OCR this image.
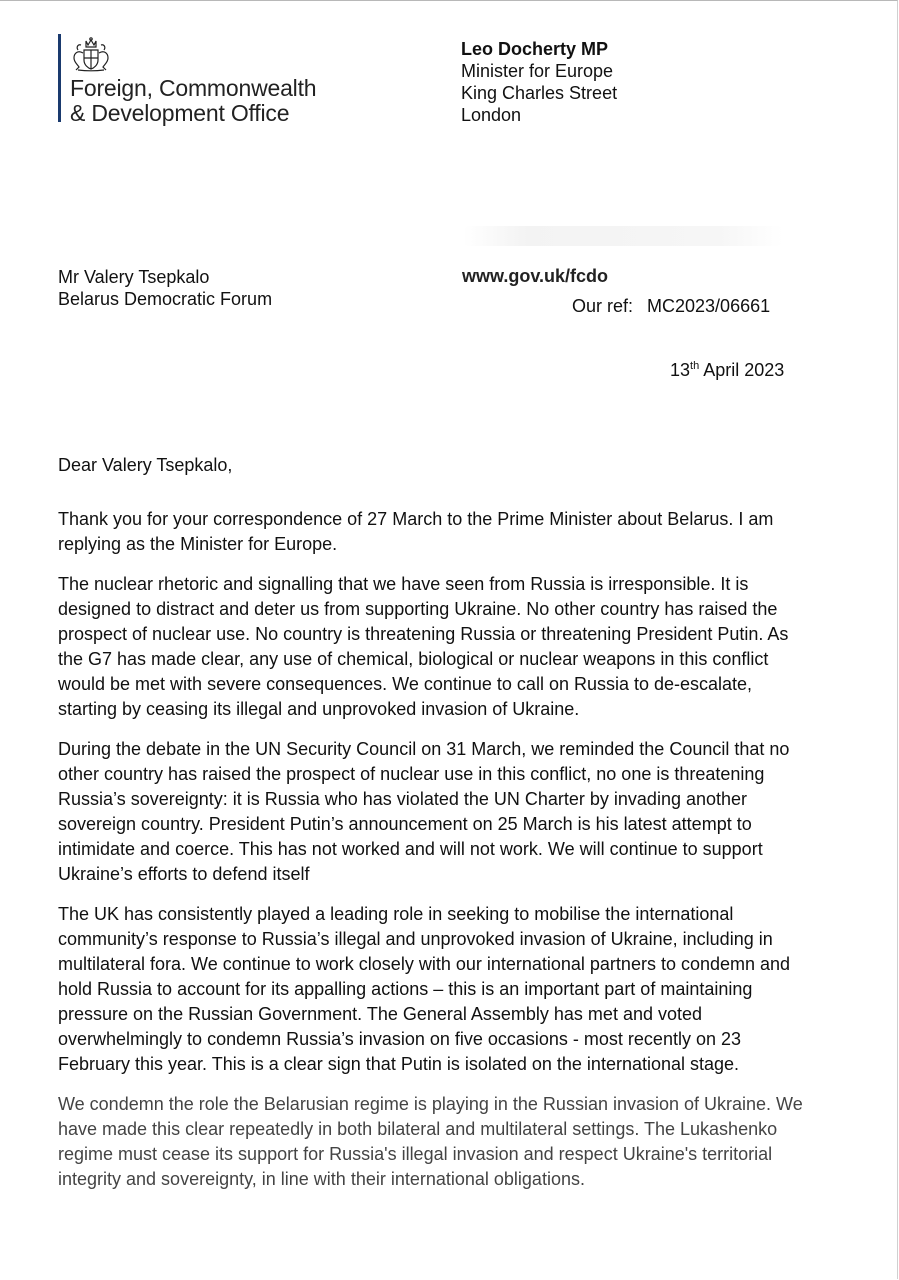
Foreign, Commonwealth
& Development Office
Leo Docherty MP
Minister for Europe
King Charles Street
London
Mr Valery Tsepkalo
Belarus Democratic Forum
www.gov.uk/fcdo
Our ref: MC2023/06661
13th April 2023
Dear Valery Tsepkalo,

Thank you for your correspondence of 27 March to the Prime Minister about Belarus. I am replying as the Minister for Europe.

The nuclear rhetoric and signalling that we have seen from Russia is irresponsible. It is designed to distract and deter us from supporting Ukraine. No other country has raised the prospect of nuclear use. No country is threatening Russia or threatening President Putin. As the G7 has made clear, any use of chemical, biological or nuclear weapons in this conflict would be met with severe consequences. We continue to call on Russia to de-escalate, starting by ceasing its illegal and unprovoked invasion of Ukraine.

During the debate in the UN Security Council on 31 March, we reminded the Council that no other country has raised the prospect of nuclear use in this conflict, no one is threatening Russia’s sovereignty: it is Russia who has violated the UN Charter by invading another sovereign country. President Putin’s announcement on 25 March is his latest attempt to intimidate and coerce. This has not worked and will not work. We will continue to support Ukraine’s efforts to defend itself

The UK has consistently played a leading role in seeking to mobilise the international community’s response to Russia’s illegal and unprovoked invasion of Ukraine, including in multilateral fora. We continue to work closely with our international partners to condemn and hold Russia to account for its appalling actions – this is an important part of maintaining pressure on the Russian Government. The General Assembly has met and voted overwhelmingly to condemn Russia’s invasion on five occasions - most recently on 23 February this year. This is a clear sign that Putin is isolated on the international stage.

We condemn the role the Belarusian regime is playing in the Russian invasion of Ukraine. We have made this clear repeatedly in both bilateral and multilateral settings. The Lukashenko regime must cease its support for Russia's illegal invasion and respect Ukraine's territorial integrity and sovereignty, in line with their international obligations.
